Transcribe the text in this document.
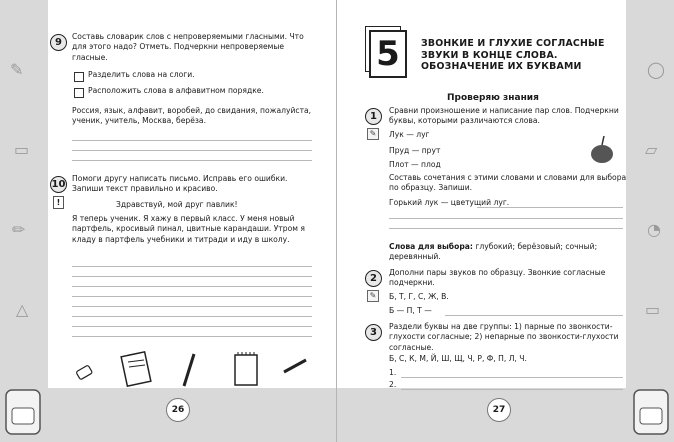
✎
▭
✏
△
9
Составь словарик слов с непроверяемыми гласными. Что для этого надо? Отметь. Подчеркни непроверяемые гласные.
Разделить слова на слоги.
Расположить слова в алфавитном порядке.
Россия, язык, алфавит, воробей, до свидания, пожалуйста, ученик, учитель, Москва, берёза.
10
!
Помоги другу написать письмо. Исправь его ошибки. Запиши текст правильно и красиво.
Здравствуй, мой друг павлик!
Я теперь ученик. Я хажу в первый класс. У меня новый партфель, кросивый пинал, цвитные карандаши. Утром я кладу в партфель учебники и титради и иду в школу.
26
◯
▱
◔
▭
5	ЗВОНКИЕ И ГЛУХИЕ СОГЛАСНЫЕ
ЗВУКИ В КОНЦЕ СЛОВА.
ОБОЗНАЧЕНИЕ ИХ БУКВАМИ
Проверяю знания
1
✎
Сравни произношение и написание пар слов. Подчеркни буквы, которыми различаются слова.
Лук — луг
Пруд — прут
Плот — плод
Составь сочетания с этими словами и словами для выбора по образцу. Запиши.
Горький лук — цветущий луг.
Слова для выбора: глубокий; берёзовый; сочный; деревянный.
2
✎
Дополни пары звуков по образцу. Звонкие согласные подчеркни.
Б, Т, Г, С, Ж, В.
Б — П, Т —
3
Раздели буквы на две группы: 1) парные по звонкости-глухости согласные; 2) непарные по звонкости-глухости согласные.
Б, С, К, М, Й, Ш, Щ, Ч, Р, Ф, П, Л, Ч.
1.
2.
27
